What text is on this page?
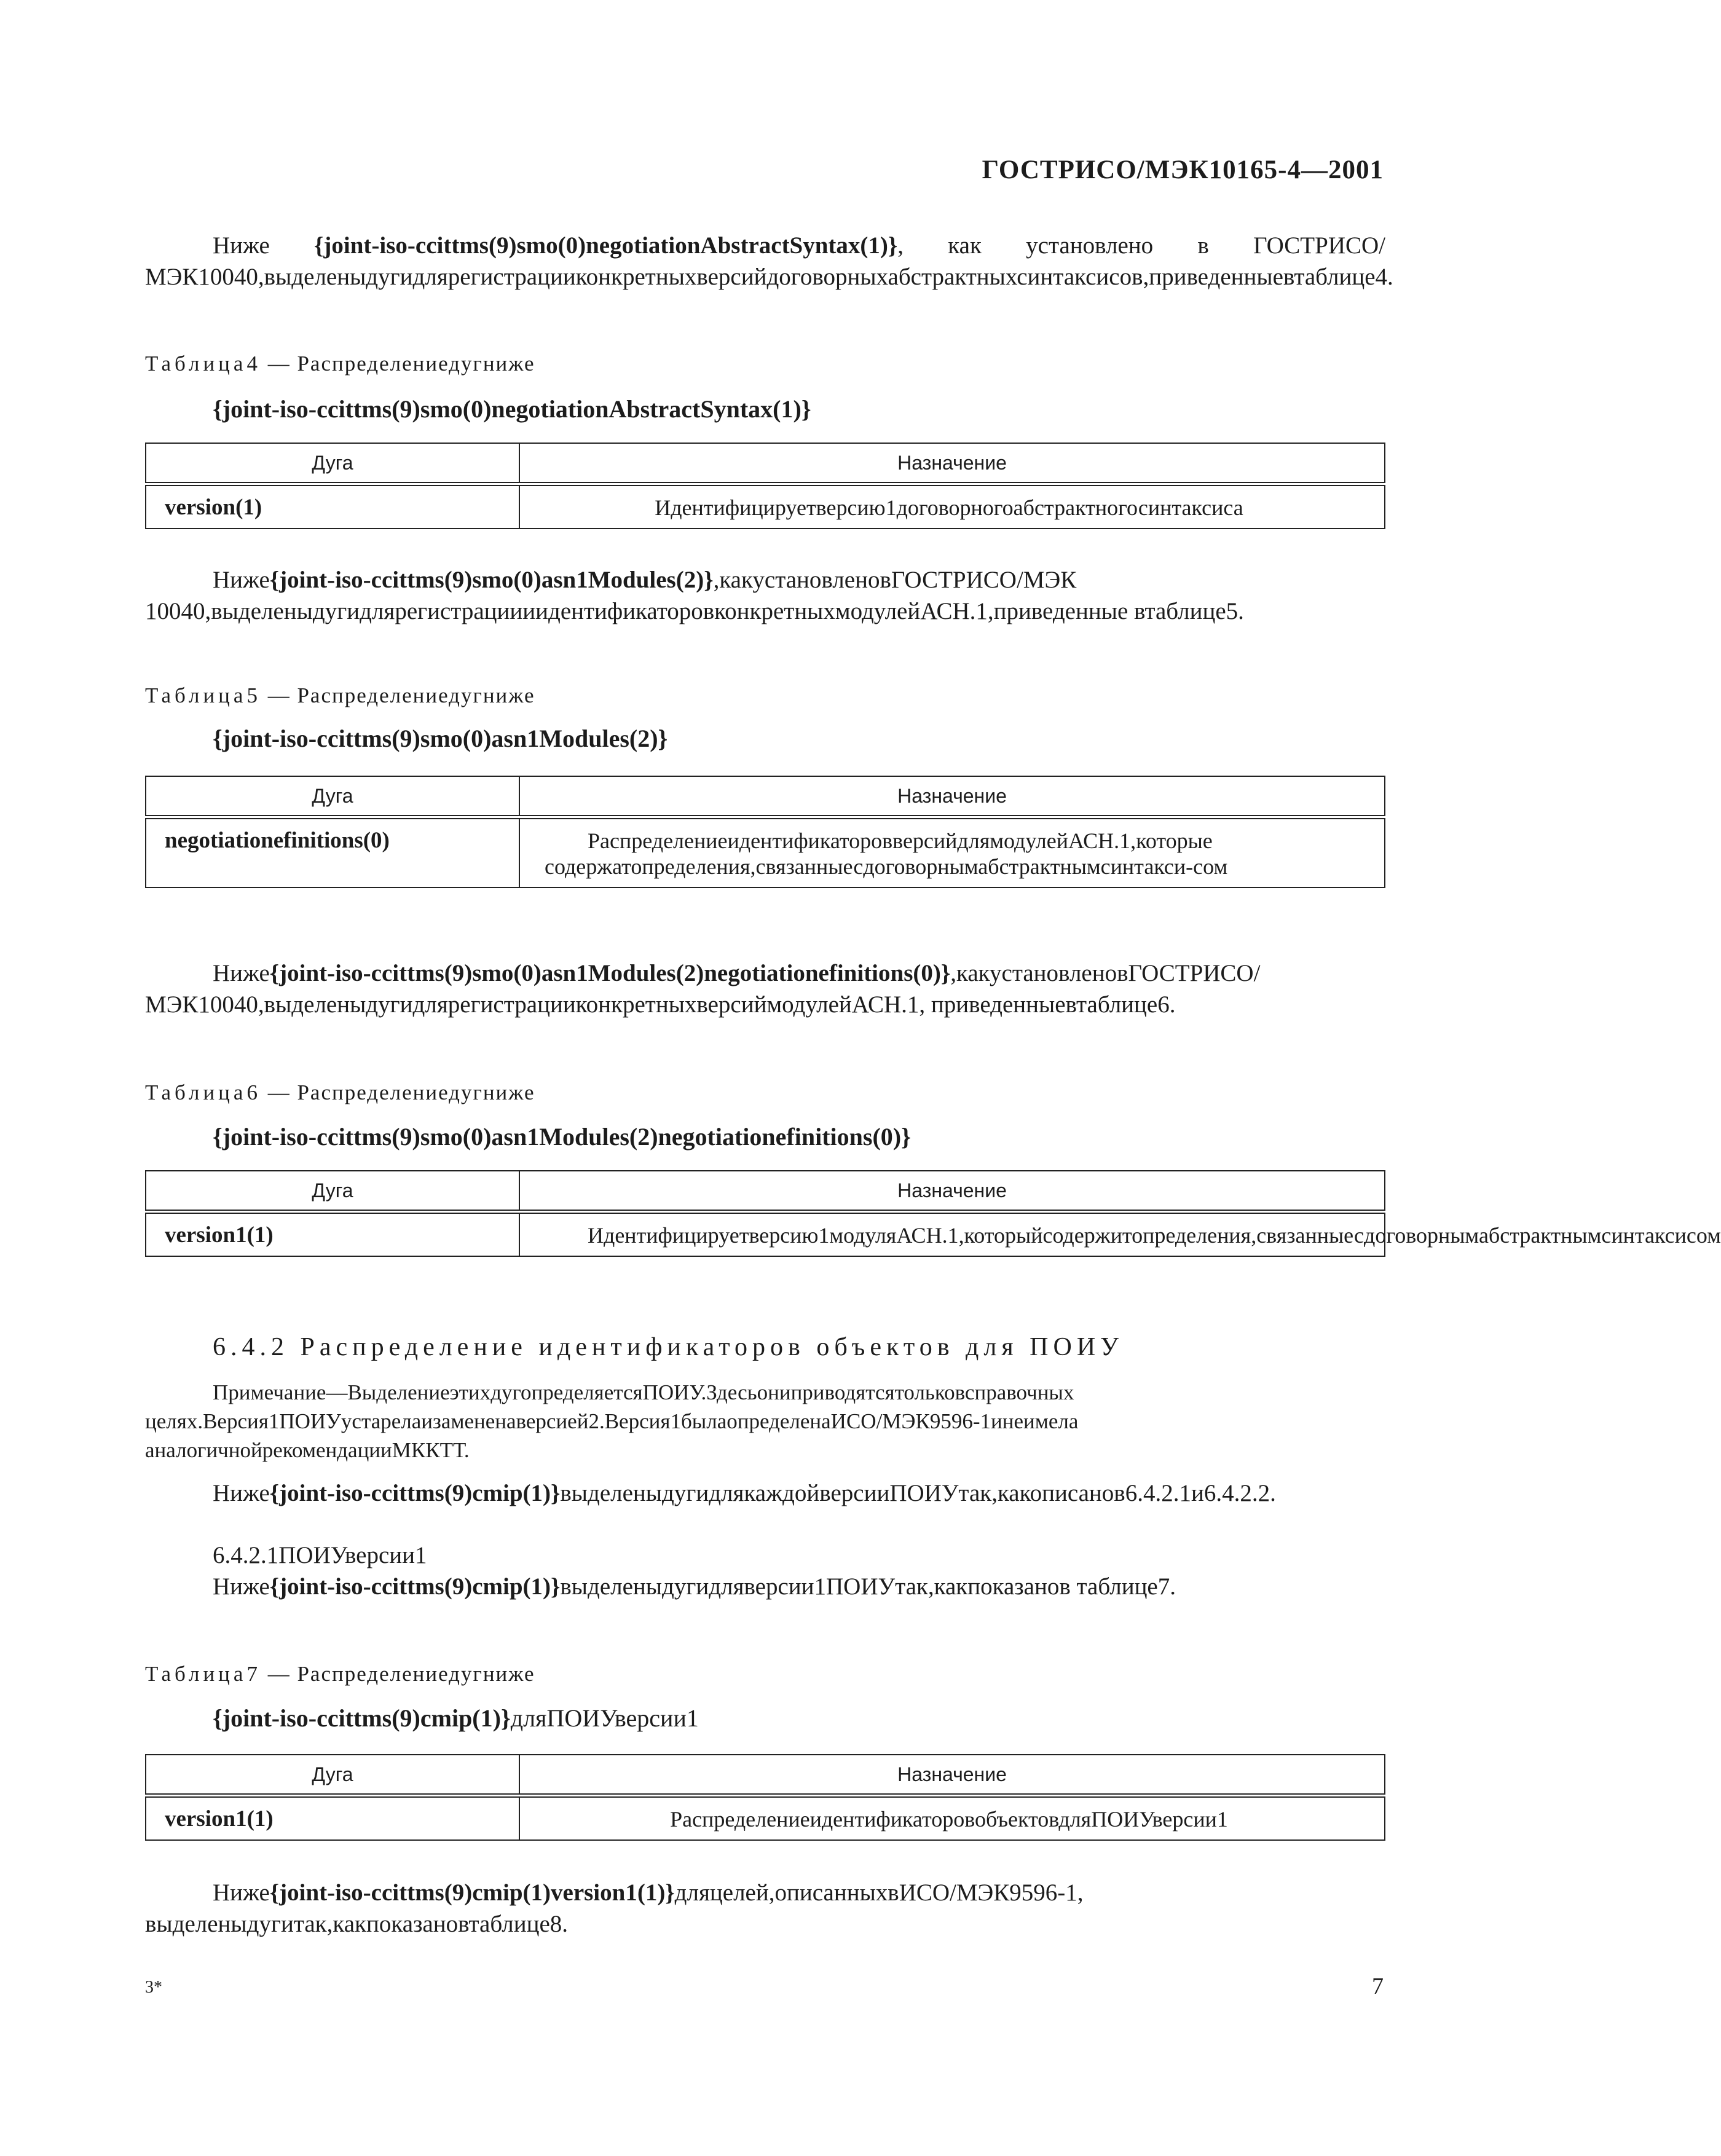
ГОСТРИСО/МЭК10165-4—2001
Ниже {joint-iso-ccittms(9)smo(0)negotiationAbstractSyntax(1)}, как установлено в ГОСТРИСО/МЭК10040,выделеныдугидлярегистрацииконкретныхверсийдоговорныхабстрактныхсинтаксисов,приведенныевтаблице4.
Таблица4 — Распределениедугниже
{joint-iso-ccittms(9)smo(0)negotiationAbstractSyntax(1)}
Дуга	Назначение
version(1)	Идентифицируетверсию1договорногоабстрактногосинтаксиса
Ниже{joint-iso-ccittms(9)smo(0)asn1Modules(2)},какустановленовГОСТРИСО/МЭК 10040,выделеныдугидлярегистрациииидентификаторовконкретныхмодулейАСН.1,приведенные втаблице5.
Таблица5 — Распределениедугниже
{joint-iso-ccittms(9)smo(0)asn1Modules(2)}
Дуга	Назначение
negotiationefinitions(0)	РаспределениеидентификаторовверсийдлямодулейАСН.1,которые содержатопределения,связанныесдоговорнымабстрактнымсинтакси-сом
Ниже{joint-iso-ccittms(9)smo(0)asn1Modules(2)negotiationefinitions(0)},какустановленовГОСТРИСО/МЭК10040,выделеныдугидлярегистрацииконкретныхверсиймодулейАСН.1, приведенныевтаблице6.
Таблица6 — Распределениедугниже
{joint-iso-ccittms(9)smo(0)asn1Modules(2)negotiationefinitions(0)}
Дуга	Назначение
version1(1)	Идентифицируетверсию1модуляАСН.1,которыйсодержитопределения,связанныесдоговорнымабстрактнымсинтаксисом
6.4.2 Распределение идентификаторов объектов для ПОИУ
Примечание—ВыделениеэтихдугопределяетсяПОИУ.Здесьониприводятсятольковсправочных целях.Версия1ПОИУустарелаизамененаверсией2.Версия1былаопределенаИСО/МЭК9596-1инеимела аналогичнойрекомендацииМККТТ.
Ниже{joint-iso-ccittms(9)cmip(1)}выделеныдугидлякаждойверсииПОИУтак,какописанов6.4.2.1и6.4.2.2.
6.4.2.1ПОИУверсии1
Ниже{joint-iso-ccittms(9)cmip(1)}выделеныдугидляверсии1ПОИУтак,какпоказанов таблице7.
Таблица7 — Распределениедугниже
{joint-iso-ccittms(9)cmip(1)}дляПОИУверсии1
Дуга	Назначение
version1(1)	РаспределениеидентификаторовобъектовдляПОИУверсии1
Ниже{joint-iso-ccittms(9)cmip(1)version1(1)}дляцелей,описанныхвИСО/МЭК9596-1, выделеныдугитак,какпоказановтаблице8.
3*	7
